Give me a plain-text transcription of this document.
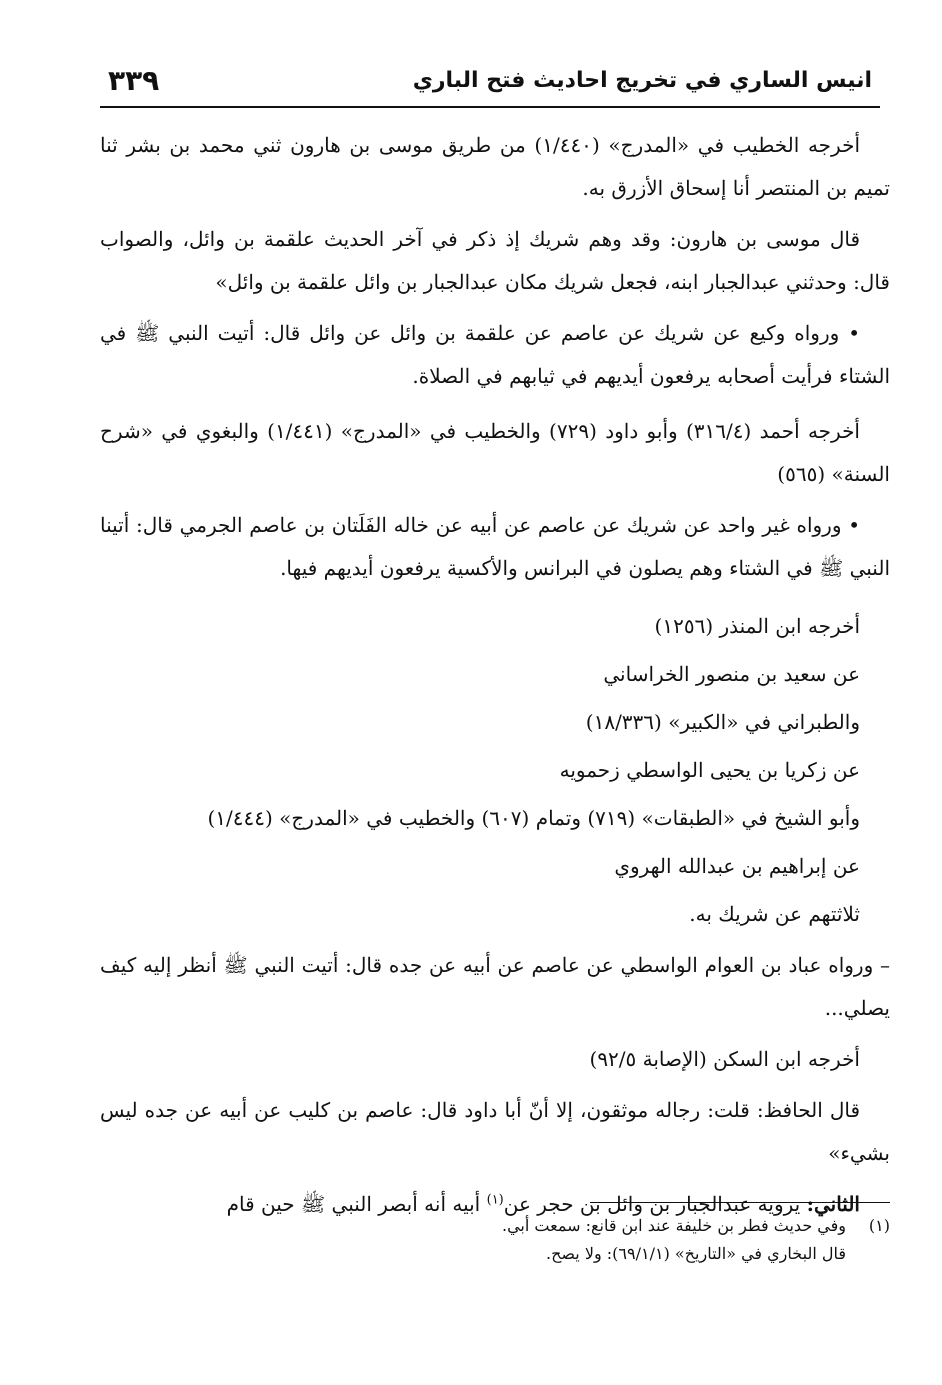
انيس الساري في تخريج احاديث فتح الباري
٣٣٩

أخرجه الخطيب في «المدرج» (١/٤٤٠) من طريق موسى بن هارون ثني محمد بن بشر ثنا تميم بن المنتصر أنا إسحاق الأزرق به.

قال موسى بن هارون: وقد وهم شريك إذ ذكر في آخر الحديث علقمة بن وائل، والصواب قال: وحدثني عبدالجبار ابنه، فجعل شريك مكان عبدالجبار بن وائل علقمة بن وائل»

• ورواه وكيع عن شريك عن عاصم عن علقمة بن وائل عن وائل قال: أتيت النبي ﷺ في الشتاء فرأيت أصحابه يرفعون أيديهم في ثيابهم في الصلاة.

أخرجه أحمد (٣١٦/٤) وأبو داود (٧٢٩) والخطيب في «المدرج» (١/٤٤١) والبغوي في «شرح السنة» (٥٦٥)

• ورواه غير واحد عن شريك عن عاصم عن أبيه عن خاله الفَلَتان بن عاصم الجرمي قال: أتينا النبي ﷺ في الشتاء وهم يصلون في البرانس والأكسية يرفعون أيديهم فيها.

أخرجه ابن المنذر (١٢٥٦)

عن سعيد بن منصور الخراساني

والطبراني في «الكبير» (١٨/٣٣٦)

عن زكريا بن يحيى الواسطي زحمويه

وأبو الشيخ في «الطبقات» (٧١٩) وتمام (٦٠٧) والخطيب في «المدرج» (١/٤٤٤)

عن إبراهيم بن عبدالله الهروي

ثلاثتهم عن شريك به.

– ورواه عباد بن العوام الواسطي عن عاصم عن أبيه عن جده قال: أتيت النبي ﷺ أنظر إليه كيف يصلي...

أخرجه ابن السكن (الإصابة ٩٢/٥)

قال الحافظ: قلت: رجاله موثقون، إلا أنّ أبا داود قال: عاصم بن كليب عن أبيه عن جده ليس بشيء»

الثاني: يرويه عبدالجبار بن وائل بن حجر عن$^{(١)}$ أبيه أنه أبصر النبي ﷺ حين قام

(١)وفي حديث فطر بن خليفة عند ابن قانع: سمعت أبي.

قال البخاري في «التاريخ» (٦٩/١/١): ولا يصح.
